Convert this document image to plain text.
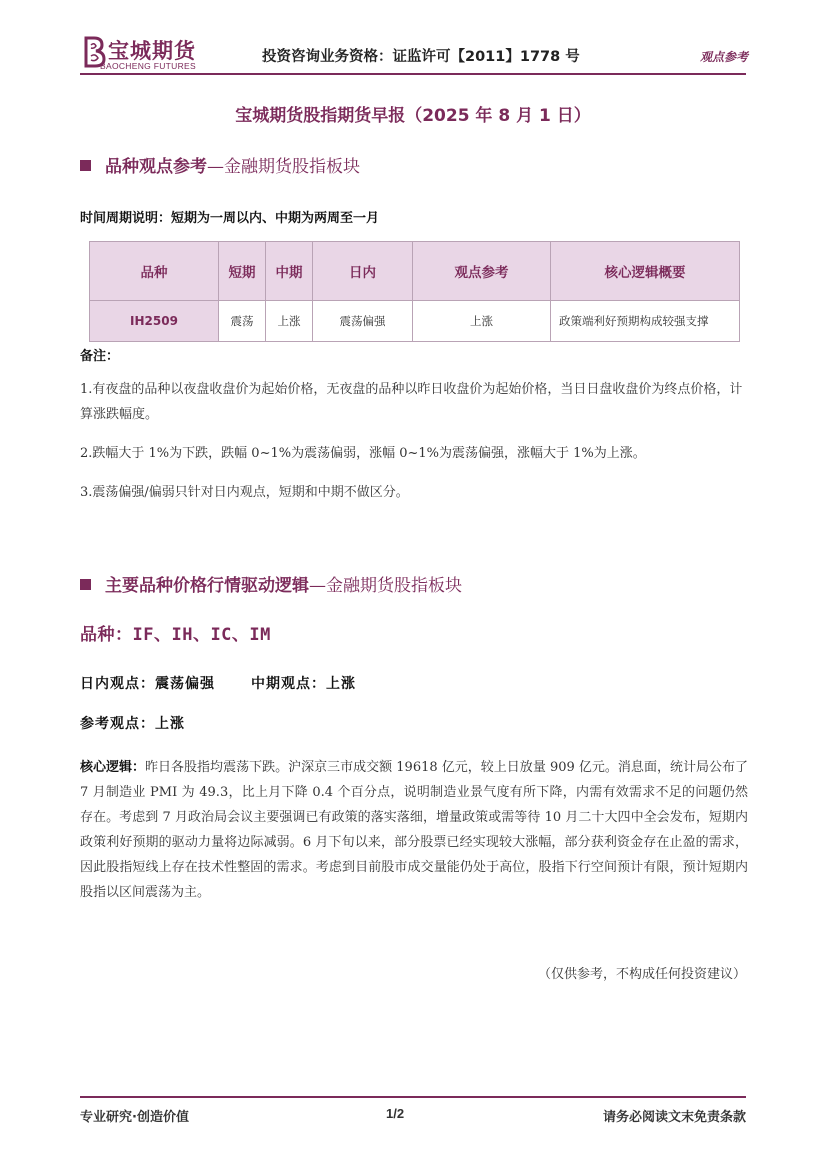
宝城期货
BAOCHENG FUTURES
投资咨询业务资格：证监许可【2011】1778 号	观点参考
宝城期货股指期货早报（2025 年 8 月 1 日）
品种观点参考—金融期货股指板块
时间周期说明：短期为一周以内、中期为两周至一月
品种	短期	中期	日内	观点参考	核心逻辑概要
IH2509	震荡	上涨	震荡偏强	上涨	政策端利好预期构成较强支撑
备注：
1.有夜盘的品种以夜盘收盘价为起始价格，无夜盘的品种以昨日收盘价为起始价格，当日日盘收盘价为终点价格，计算涨跌幅度。
2.跌幅大于 1%为下跌，跌幅 0~1%为震荡偏弱，涨幅 0~1%为震荡偏强，涨幅大于 1%为上涨。
3.震荡偏强/偏弱只针对日内观点，短期和中期不做区分。
主要品种价格行情驱动逻辑—金融期货股指板块
品种：IF、IH、IC、IM
日内观点：震荡偏强	中期观点：上涨
参考观点：上涨
核心逻辑：昨日各股指均震荡下跌。沪深京三市成交额 19618 亿元，较上日放量 909 亿元。消息面，统计局公布了 7 月制造业 PMI 为 49.3，比上月下降 0.4 个百分点，说明制造业景气度有所下降，内需有效需求不足的问题仍然存在。考虑到 7 月政治局会议主要强调已有政策的落实落细，增量政策或需等待 10 月二十大四中全会发布，短期内政策利好预期的驱动力量将边际减弱。6 月下旬以来，部分股票已经实现较大涨幅，部分获利资金存在止盈的需求，因此股指短线上存在技术性整固的需求。考虑到目前股市成交量能仍处于高位，股指下行空间预计有限，预计短期内股指以区间震荡为主。
（仅供参考，不构成任何投资建议）
专业研究·创造价值	1/2	请务必阅读文末免责条款
